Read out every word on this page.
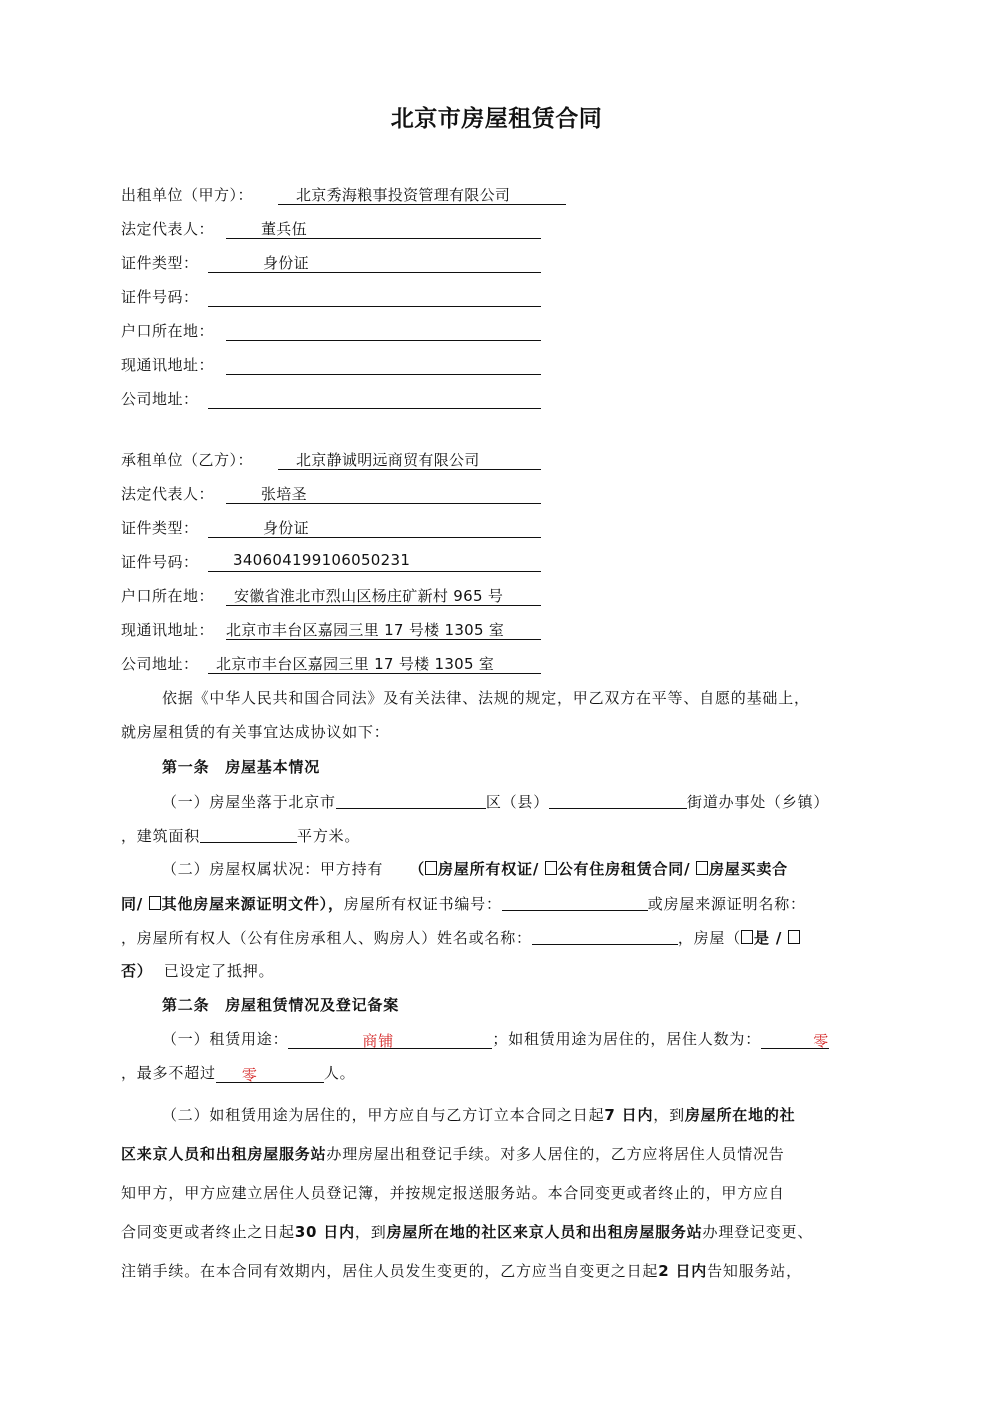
北京市房屋租赁合同
出租单位（甲方）：	北京秀海粮事投资管理有限公司
法定代表人：	董兵伍
证件类型：	身份证
证件号码：
户口所在地：
现通讯地址：
公司地址：
承租单位（乙方）：	北京静诚明远商贸有限公司
法定代表人：	张培圣
证件类型：	身份证
证件号码：	340604199106050231
户口所在地：	安徽省淮北市烈山区杨庄矿新村 965 号
现通讯地址： 北京市丰台区嘉园三里 17 号楼 1305 室
公司地址：	北京市丰台区嘉园三里 17 号楼 1305 室
依据《中华人民共和国合同法》及有关法律、法规的规定，甲乙双方在平等、自愿的基础上，
就房屋租赁的有关事宜达成协议如下：
第一条　房屋基本情况
（一）房屋坐落于北京市	区（县）	街道办事处（乡镇）
，建筑面积	平方米。
（二）房屋权属状况：甲方持有 （ 房屋所有权证/ 公有住房租赁合同/ 房屋买卖合
同/ 其他房屋来源证明文件），房屋所有权证书编号：	或房屋来源证明名称：
，房屋所有权人（公有住房承租人、购房人）姓名或名称：	，房屋（ 是 /
否） 已设定了抵押。
第二条　房屋租赁情况及登记备案
（一）租赁用途：	商铺	；如租赁用途为居住的，居住人数为：	零
，最多不超过 零	人。
（二）如租赁用途为居住的，甲方应自与乙方订立本合同之日起7 日内，到房屋所在地的社
区来京人员和出租房屋服务站办理房屋出租登记手续。对多人居住的，乙方应将居住人员情况告
知甲方，甲方应建立居住人员登记簿，并按规定报送服务站。本合同变更或者终止的，甲方应自
合同变更或者终止之日起30 日内，到房屋所在地的社区来京人员和出租房屋服务站办理登记变更、
注销手续。在本合同有效期内，居住人员发生变更的，乙方应当自变更之日起2 日内告知服务站，
